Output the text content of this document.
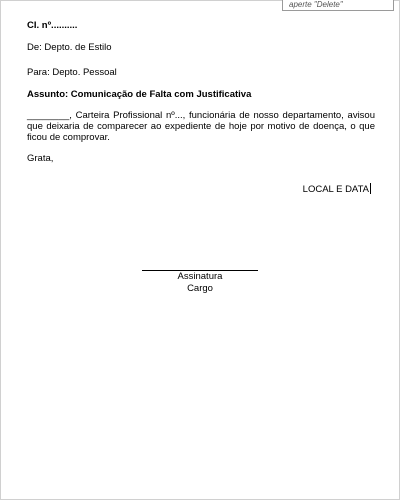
aperte "Delete"
CI. nº..........
De: Depto. de Estilo
Para: Depto. Pessoal
Assunto: Comunicação de Falta com Justificativa
________, Carteira Profissional nº..., funcionária de nosso departamento, avisou que deixaria de comparecer ao expediente de hoje por motivo de doença, o que ficou de comprovar.
Grata,
LOCAL E DATA
Assinatura
Cargo
